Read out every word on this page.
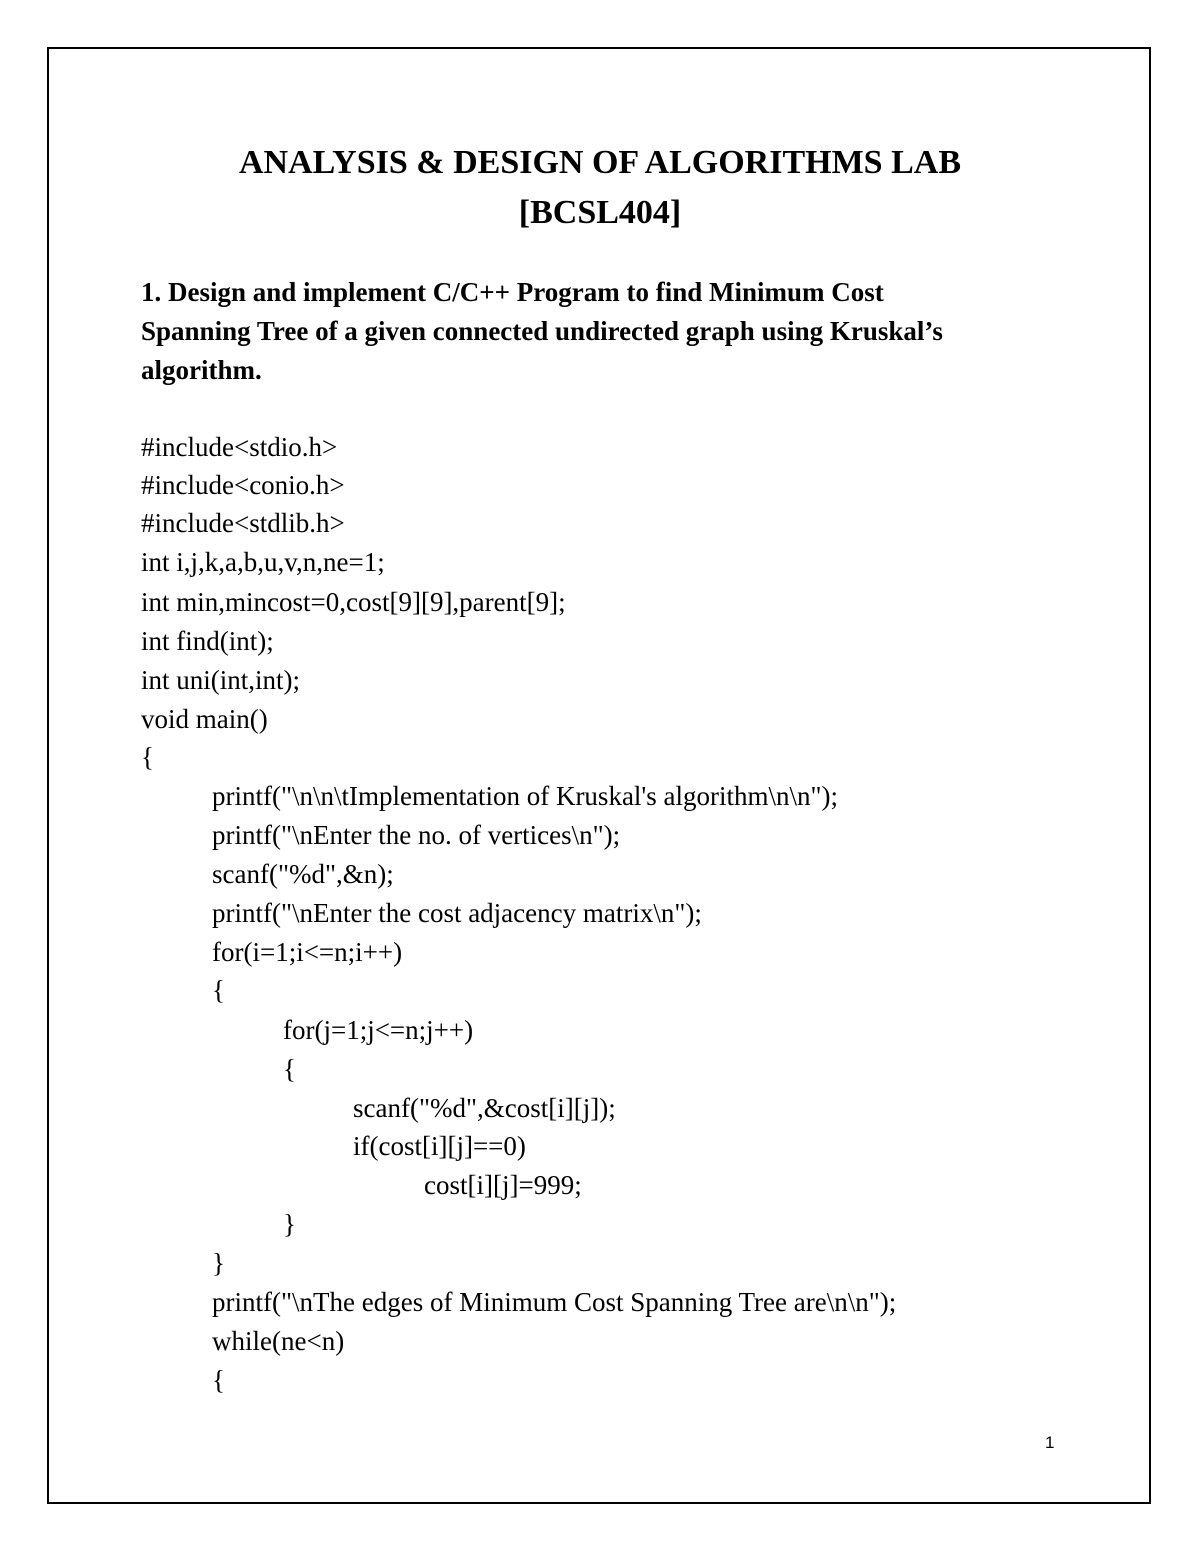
ANALYSIS & DESIGN OF ALGORITHMS LAB
[BCSL404]

1. Design and implement C/C++ Program to find Minimum Cost

Spanning Tree of a given connected undirected graph using Kruskal’s

algorithm.

#include<stdio.h>
#include<conio.h>
#include<stdlib.h>
int i,j,k,a,b,u,v,n,ne=1;
int min,mincost=0,cost[9][9],parent[9];
int find(int);
int uni(int,int);
void main()
{
printf("\n\n\tImplementation of Kruskal's algorithm\n\n");
printf("\nEnter the no. of vertices\n");
scanf("%d",&n);
printf("\nEnter the cost adjacency matrix\n");
for(i=1;i<=n;i++)
{
for(j=1;j<=n;j++)
{
scanf("%d",&cost[i][j]);
if(cost[i][j]==0)
cost[i][j]=999;
}
}
printf("\nThe edges of Minimum Cost Spanning Tree are\n\n");
while(ne<n)
{
1
